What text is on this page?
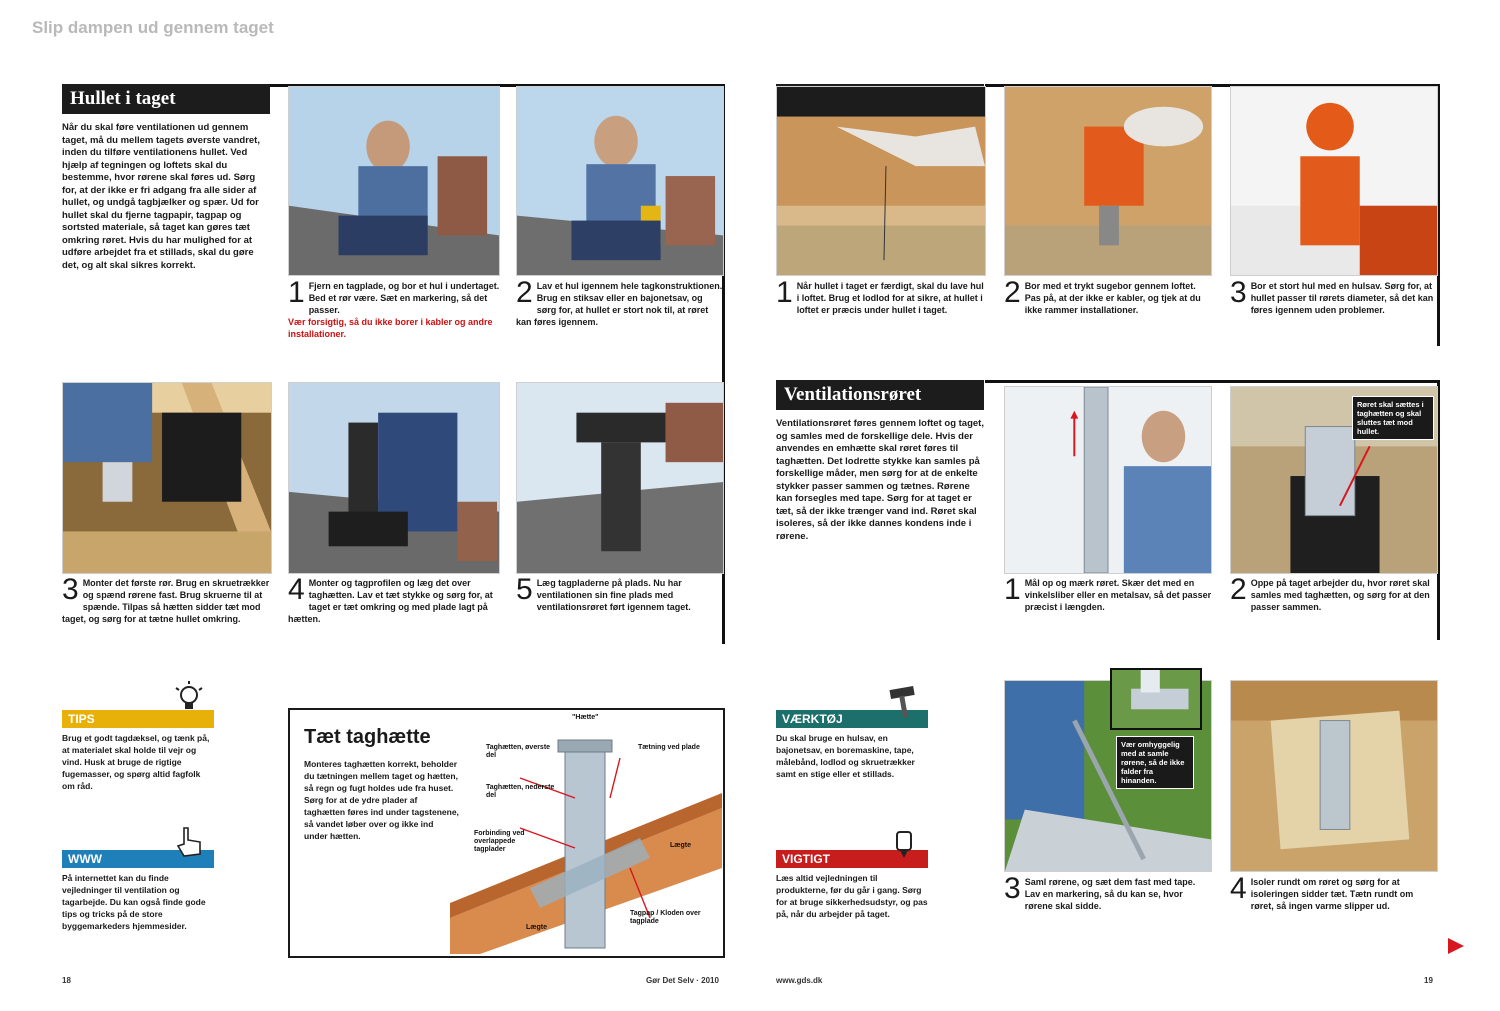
Slip dampen ud gennem taget
Hullet i taget
Når du skal føre ventilationen ud gennem taget, må du mellem tagets øverste vandret, inden du tilføre ventilationens hullet. Ved hjælp af tegningen og loftets skal du bestemme, hvor rørene skal føres ud. Sørg for, at der ikke er fri adgang fra alle sider af hullet, og undgå tagbjælker og spær. Ud for hullet skal du fjerne tagpapir, tagpap og sortsted materiale, så taget kan gøres tæt omkring røret. Hvis du har mulighed for at udføre arbejdet fra et stillads, skal du gøre det, og alt skal sikres korrekt.
1 Fjern en tagplade, og bor et hul i undertaget. Bed et rør være. Sæt en markering, så det passer.
Vær forsigtig, så du ikke borer i kabler og andre installationer.
2 Lav et hul igennem hele tagkonstruktionen. Brug en stiksav eller en bajonetsav, og sørg for, at hullet er stort nok til, at røret kan føres igennem.
3 Monter det første rør. Brug en skruetrækker og spænd rørene fast. Brug skruerne til at spænde. Tilpas så hætten sidder tæt mod taget, og sørg for at tætne hullet omkring.
4 Monter og tagprofilen og læg det over taghætten. Lav et tæt stykke og sørg for, at taget er tæt omkring og med plade lagt på hætten.
5 Læg tagpladerne på plads. Nu har ventilationen sin fine plads med ventilationsrøret ført igennem taget.
TIPS
Brug et godt tagdæksel, og tænk på, at materialet skal holde til vejr og vind. Husk at bruge de rigtige fugemasser, og spørg altid fagfolk om råd.
WWW
På internettet kan du finde vejledninger til ventilation og tagarbejde. Du kan også finde gode tips og tricks på de store byggemarkeders hjemmesider.
Tæt taghætte
Monteres taghætten korrekt, beholder du tætningen mellem taget og hætten, så regn og fugt holdes ude fra huset. Sørg for at de ydre plader af taghætten føres ind under tagstenene, så vandet løber over og ikke ind under hætten.
"Hætte"
Taghætten, øverste del
Taghætten, nederste del
Forbinding ved overlappede tagplader
Tætning ved plade
Lægte
Lægte
Tagpap / Kloden over tagplade
18	Gør Det Selv · 2010
1 Når hullet i taget er færdigt, skal du lave hul i loftet. Brug et lodlod for at sikre, at hullet i loftet er præcis under hullet i taget.
2 Bor med et trykt sugebor gennem loftet. Pas på, at der ikke er kabler, og tjek at du ikke rammer installationer.
3 Bor et stort hul med en hulsav. Sørg for, at hullet passer til rørets diameter, så det kan føres igennem uden problemer.
Ventilationsrøret
Ventilationsrøret føres gennem loftet og taget, og samles med de forskellige dele. Hvis der anvendes en emhætte skal røret føres til taghætten. Det lodrette stykke kan samles på forskellige måder, men sørg for at de enkelte stykker passer sammen og tætnes. Rørene kan forsegles med tape. Sørg for at taget er tæt, så der ikke trænger vand ind. Røret skal isoleres, så der ikke dannes kondens inde i rørene.
1 Mål op og mærk røret. Skær det med en vinkelsliber eller en metalsav, så det passer præcist i længden.
Røret skal sættes i taghætten og skal sluttes tæt mod hullet.
2 Oppe på taget arbejder du, hvor røret skal samles med taghætten, og sørg for at den passer sammen.
Vær omhyggelig med at samle rørene, så de ikke falder fra hinanden.
3 Saml rørene, og sæt dem fast med tape. Lav en markering, så du kan se, hvor rørene skal sidde.
4 Isoler rundt om røret og sørg for at isoleringen sidder tæt. Tætn rundt om røret, så ingen varme slipper ud.
VÆRKTØJ
Du skal bruge en hulsav, en bajonetsav, en boremaskine, tape, målebånd, lodlod og skruetrækker samt en stige eller et stillads.
VIGTIGT
Læs altid vejledningen til produkterne, før du går i gang. Sørg for at bruge sikkerhedsudstyr, og pas på, når du arbejder på taget.
www.gds.dk	19
